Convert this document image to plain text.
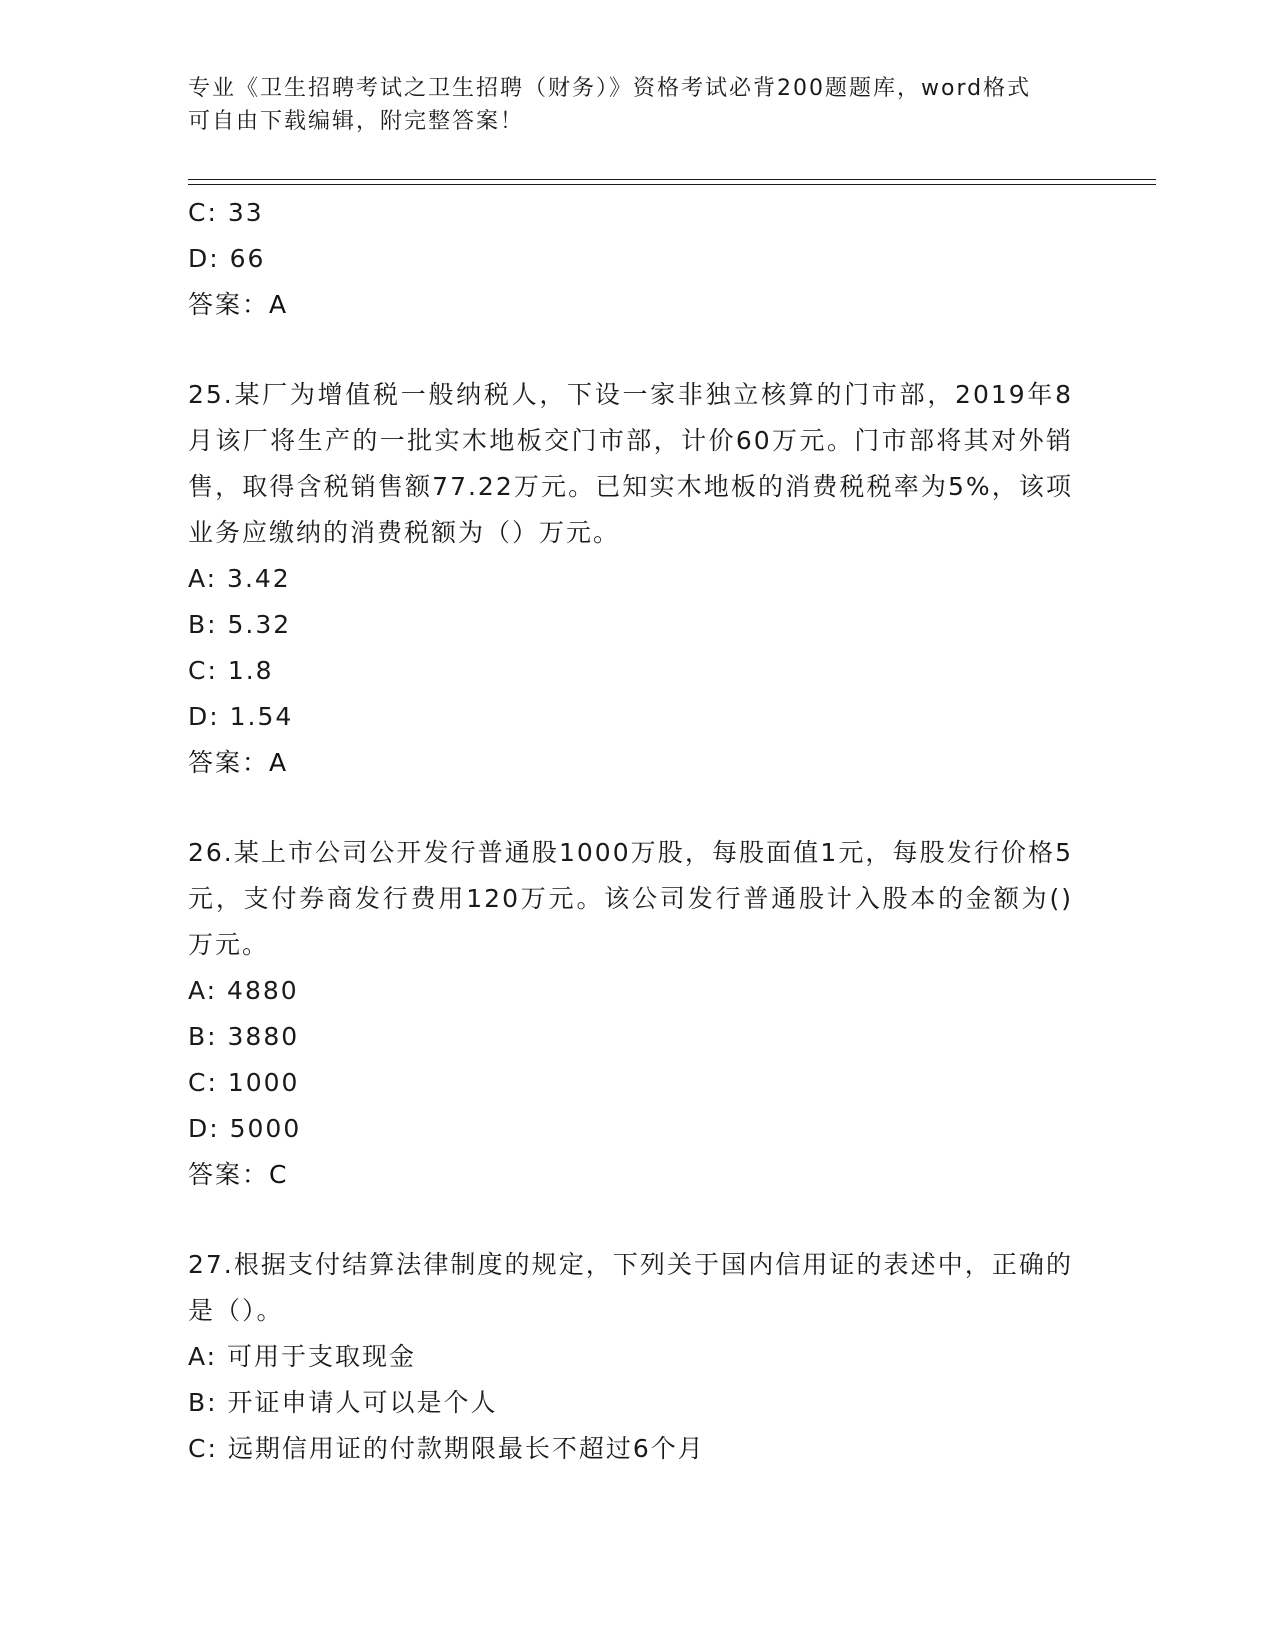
专业《卫生招聘考试之卫生招聘（财务）》资格考试必背200题题库，word格式
可自由下载编辑，附完整答案！
C: 33
D: 66
答案：A
25.某厂为增值税一般纳税人，下设一家非独立核算的门市部，2019年8月该厂将生产的一批实木地板交门市部，计价60万元。门市部将其对外销售，取得含税销售额77.22万元。已知实木地板的消费税税率为5%，该项业务应缴纳的消费税额为（）万元。
A: 3.42
B: 5.32
C: 1.8
D: 1.54
答案：A
26.某上市公司公开发行普通股1000万股，每股面值1元，每股发行价格5元，支付券商发行费用120万元。该公司发行普通股计入股本的金额为()万元。
A: 4880
B: 3880
C: 1000
D: 5000
答案：C
27.根据支付结算法律制度的规定，下列关于国内信用证的表述中，正确的是（）。
A: 可用于支取现金
B: 开证申请人可以是个人
C: 远期信用证的付款期限最长不超过6个月
